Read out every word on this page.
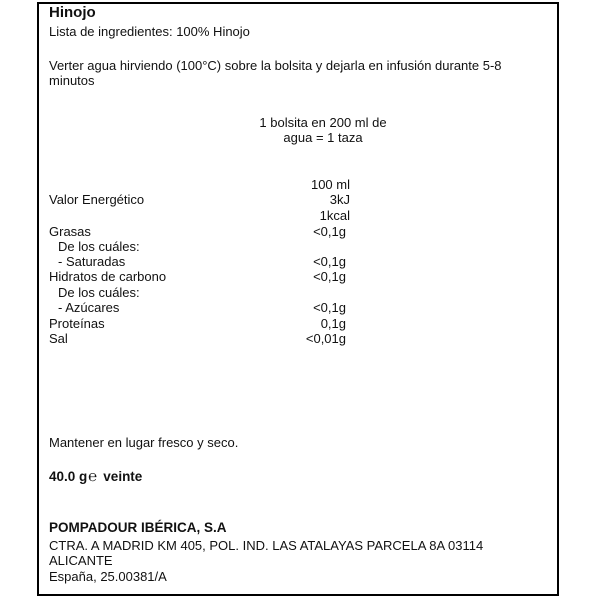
Hinojo
Lista de ingredientes: 100% Hinojo
Verter agua hirviendo (100°C) sobre la bolsita y dejarla en infusión durante 5-8
minutos
1 bolsita en 200 ml de
agua = 1 taza
100 ml
Valor Energético	3kJ
1kcal
Grasas	<0,1g
De los cuáles:
- Saturadas	<0,1g
Hidratos de carbono	<0,1g
De los cuáles:
- Azúcares	<0,1g
Proteínas	0,1g
Sal	<0,01g
Mantener en lugar fresco y seco.
40.0 g℮ veinte
POMPADOUR IBÉRICA, S.A
CTRA. A MADRID KM 405, POL. IND. LAS ATALAYAS PARCELA 8A 03114
ALICANTE
España, 25.00381/A
